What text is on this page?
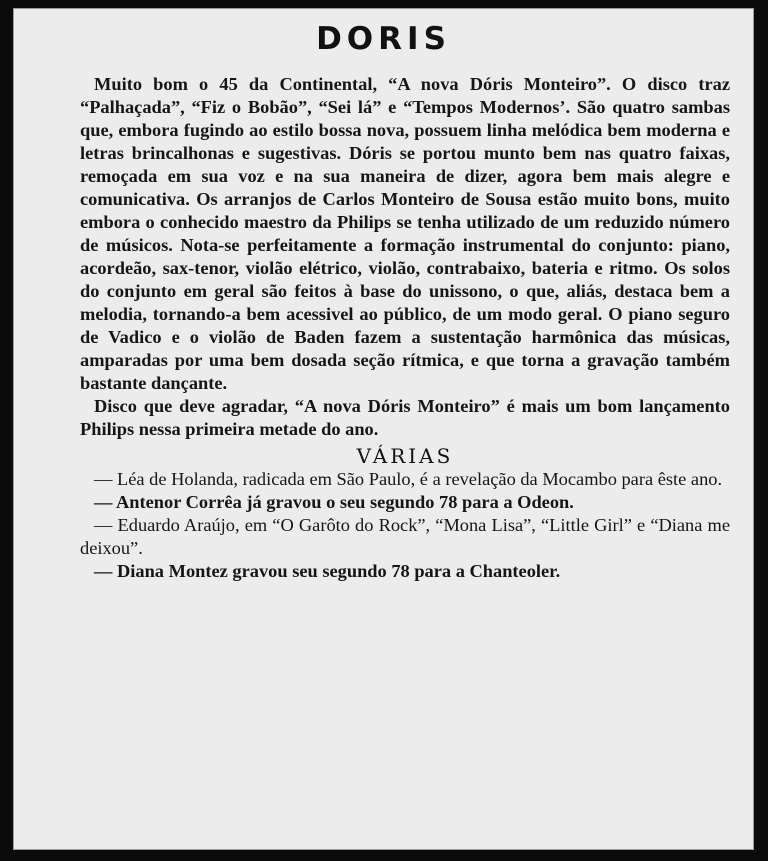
DORIS

Muito bom o 45 da Continental, “A nova Dóris Monteiro”. O disco traz “Palhaçada”, “Fiz o Bobão”, “Sei lá” e “Tempos Modernos’. São quatro sambas que, embora fugindo ao estilo bossa nova, possuem linha melódica bem moderna e letras brincalhonas e sugestivas. Dóris se portou munto bem nas quatro faixas, remoçada em sua voz e na sua maneira de dizer, agora bem mais alegre e comunicativa. Os arranjos de Carlos Monteiro de Sousa estão muito bons, muito embora o conhecido maestro da Philips se tenha utilizado de um reduzido número de músicos. Nota-se perfeitamente a formação instrumental do conjunto: piano, acordeão, sax-tenor, violão elétrico, violão, contrabaixo, bateria e ritmo. Os solos do conjunto em geral são feitos à base do unissono, o que, aliás, destaca bem a melodia, tornando-a bem acessivel ao público, de um modo geral. O piano seguro de Vadico e o violão de Baden fazem a sustentação harmônica das músicas, amparadas por uma bem dosada seção rítmica, e que torna a gravação também bastante dançante.

Disco que deve agradar, “A nova Dóris Monteiro” é mais um bom lançamento Philips nessa primeira metade do ano.

VÁRIAS

— Léa de Holanda, radicada em São Paulo, é a revelação da Mocambo para êste ano.

— Antenor Corrêa já gravou o seu segundo 78 para a Odeon.

— Eduardo Araújo, em “O Garôto do Rock”, “Mona Lisa”, “Little Girl” e “Diana me deixou”.

— Diana Montez gravou seu segundo 78 para a Chanteoler.
